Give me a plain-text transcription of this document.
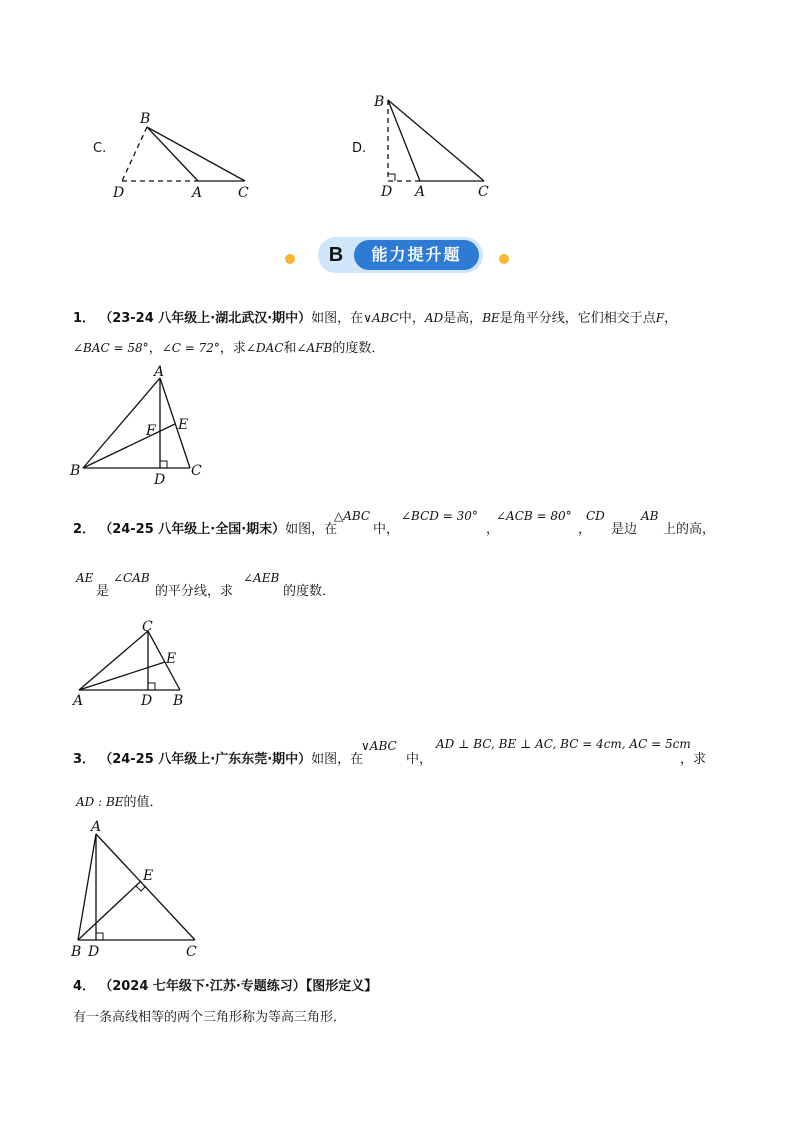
C.
B
D	A	C
D.
B
D A	C
B	能力提升题
1． （23-24 八年级上·湖北武汉·期中）如图，在∨ABC中，AD是高，BE是角平分线，它们相交于点F，
∠BAC = 58°，∠C = 72°，求∠DAC和∠AFB的度数．
A
B	C
D
E
F
2． （24-25 八年级上·全国·期末）如图，在
△ABC
中，
∠BCD = 30°
，
∠ACB = 80°
，
CD
是边
AB
上的高，
AE
是
∠CAB
的平分线，求
∠AEB
的度数．
C
A	D B
E
3． （24-25 八年级上·广东东莞·期中）如图，在
∨ABC
中，
AD ⊥ BC, BE ⊥ AC, BC = 4cm, AC = 5cm
，求
AD : BE的值．
A
B D	C
E
4． （2024 七年级下·江苏·专题练习）【图形定义】
有一条高线相等的两个三角形称为等高三角形．
